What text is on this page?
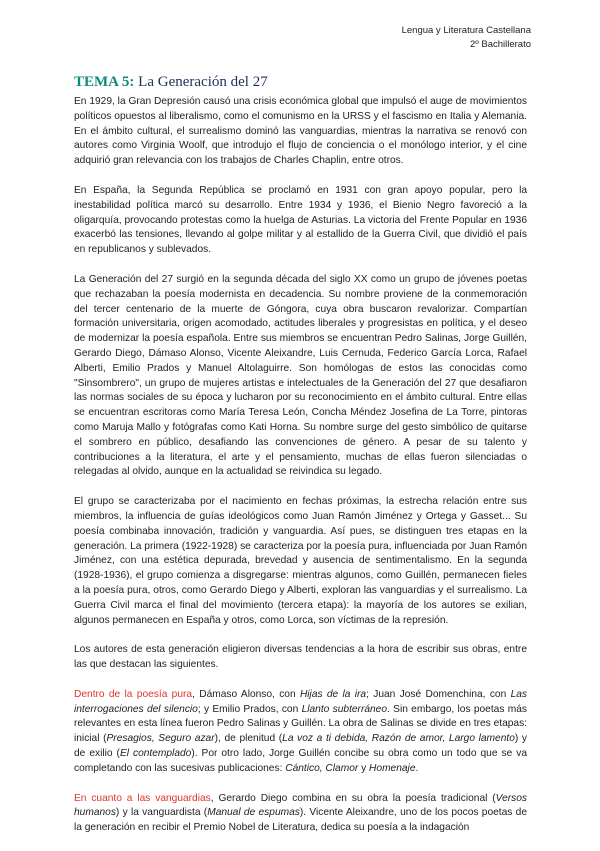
Lengua y Literatura Castellana
2º Bachillerato
TEMA 5: La Generación del 27

En 1929, la Gran Depresión causó una crisis económica global que impulsó el auge de movimientos políticos opuestos al liberalismo, como el comunismo en la URSS y el fascismo en Italia y Alemania. En el ámbito cultural, el surrealismo dominó las vanguardias, mientras la narrativa se renovó con autores como Virginia Woolf, que introdujo el flujo de conciencia o el monólogo interior, y el cine adquirió gran relevancia con los trabajos de Charles Chaplin, entre otros.

En España, la Segunda República se proclamó en 1931 con gran apoyo popular, pero la inestabilidad política marcó su desarrollo. Entre 1934 y 1936, el Bienio Negro favoreció a la oligarquía, provocando protestas como la huelga de Asturias. La victoria del Frente Popular en 1936 exacerbó las tensiones, llevando al golpe militar y al estallido de la Guerra Civil, que dividió el país en republicanos y sublevados.

La Generación del 27 surgió en la segunda década del siglo XX como un grupo de jóvenes poetas que rechazaban la poesía modernista en decadencia. Su nombre proviene de la conmemoración del tercer centenario de la muerte de Góngora, cuya obra buscaron revalorizar. Compartían formación universitaria, origen acomodado, actitudes liberales y progresistas en política, y el deseo de modernizar la poesía española. Entre sus miembros se encuentran Pedro Salinas, Jorge Guillén, Gerardo Diego, Dámaso Alonso, Vicente Aleixandre, Luis Cernuda, Federico García Lorca, Rafael Alberti, Emilio Prados y Manuel Altolaguirre. Son homólogas de estos las conocidas como "Sinsombrero", un grupo de mujeres artistas e intelectuales de la Generación del 27 que desafiaron las normas sociales de su época y lucharon por su reconocimiento en el ámbito cultural. Entre ellas se encuentran escritoras como María Teresa León, Concha Méndez Josefina de La Torre, pintoras como Maruja Mallo y fotógrafas como Kati Horna. Su nombre surge del gesto simbólico de quitarse el sombrero en público, desafiando las convenciones de género. A pesar de su talento y contribuciones a la literatura, el arte y el pensamiento, muchas de ellas fueron silenciadas o relegadas al olvido, aunque en la actualidad se reivindica su legado.

El grupo se caracterizaba por el nacimiento en fechas próximas, la estrecha relación entre sus miembros, la influencia de guías ideológicos como Juan Ramón Jiménez y Ortega y Gasset... Su poesía combinaba innovación, tradición y vanguardia. Así pues, se distinguen tres etapas en la generación. La primera (1922-1928) se caracteriza por la poesía pura, influenciada por Juan Ramón Jiménez, con una estética depurada, brevedad y ausencia de sentimentalismo. En la segunda (1928-1936), el grupo comienza a disgregarse: mientras algunos, como Guillén, permanecen fieles a la poesía pura, otros, como Gerardo Diego y Alberti, exploran las vanguardias y el surrealismo. La Guerra Civil marca el final del movimiento (tercera etapa): la mayoría de los autores se exilian, algunos permanecen en España y otros, como Lorca, son víctimas de la represión.

Los autores de esta generación eligieron diversas tendencias a la hora de escribir sus obras, entre las que destacan las siguientes.

Dentro de la poesía pura, Dámaso Alonso, con Hijas de la ira; Juan José Domenchina, con Las interrogaciones del silencio; y Emilio Prados, con Llanto subterráneo. Sin embargo, los poetas más relevantes en esta línea fueron Pedro Salinas y Guillén. La obra de Salinas se divide en tres etapas: inicial (Presagios, Seguro azar), de plenitud (La voz a ti debida, Razón de amor, Largo lamento) y de exilio (El contemplado). Por otro lado, Jorge Guillén concibe su obra como un todo que se va completando con las sucesivas publicaciones: Cántico, Clamor y Homenaje.

En cuanto a las vanguardias, Gerardo Diego combina en su obra la poesía tradicional (Versos humanos) y la vanguardista (Manual de espumas). Vicente Aleixandre, uno de los pocos poetas de la generación en recibir el Premio Nobel de Literatura, dedica su poesía a la indagación
